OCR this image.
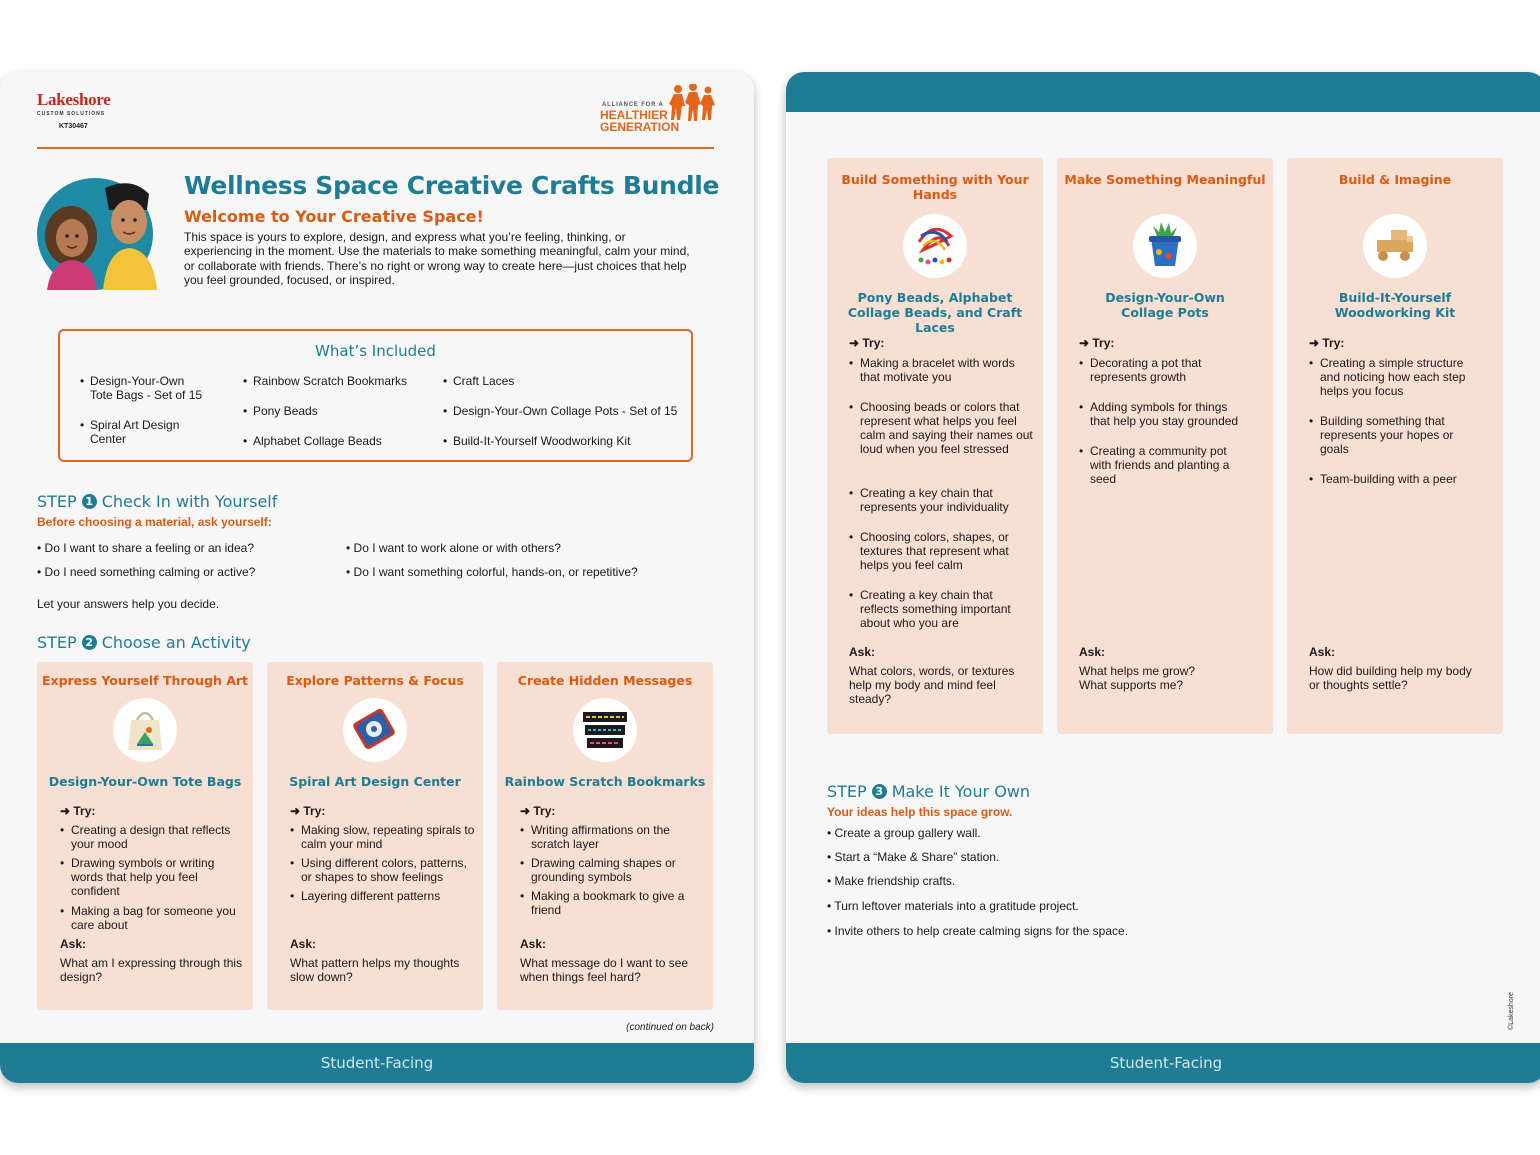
Lakeshore
CUSTOM SOLUTIONS
KT30467
ALLIANCE FOR A
HEALTHIER
GENERATION
Wellness Space Creative Crafts Bundle
Welcome to Your Creative Space!
This space is yours to explore, design, and express what you’re feeling, thinking, or experiencing in the moment. Use the materials to make something meaningful, calm your mind, or collaborate with friends. There’s no right or wrong way to create here—just choices that help you feel grounded, focused, or inspired.
What’s Included
• Design-Your-Own Tote Bags - Set of 15
• Spiral Art Design Center
• Rainbow Scratch Bookmarks
• Pony Beads
• Alphabet Collage Beads
• Craft Laces
• Design-Your-Own Collage Pots - Set of 15
• Build-It-Yourself Woodworking Kit
STEP 1 Check In with Yourself
Before choosing a material, ask yourself:
• Do I want to share a feeling or an idea?
• Do I need something calming or active?
• Do I want to work alone or with others?
• Do I want something colorful, hands-on, or repetitive?
Let your answers help you decide.
STEP 2 Choose an Activity
Express Yourself Through Art
Design-Your-Own Tote Bags
➜ Try:
• Creating a design that reflects your mood
• Drawing symbols or writing words that help you feel confident
• Making a bag for someone you care about
Ask:
What am I expressing through this design?
Explore Patterns & Focus
Spiral Art Design Center
➜ Try:
• Making slow, repeating spirals to calm your mind
• Using different colors, patterns, or shapes to show feelings
• Layering different patterns
Ask:
What pattern helps my thoughts slow down?
Create Hidden Messages
Rainbow Scratch Bookmarks
➜ Try:
• Writing affirmations on the scratch layer
• Drawing calming shapes or grounding symbols
• Making a bookmark to give a friend
Ask:
What message do I want to see when things feel hard?
(continued on back)
Student-Facing
Build Something with Your Hands
Pony Beads, Alphabet Collage Beads, and Craft Laces
➜ Try:
• Making a bracelet with words that motivate you
• Choosing beads or colors that represent what helps you feel calm and saying their names out loud when you feel stressed
• Creating a key chain that represents your individuality
• Choosing colors, shapes, or textures that represent what helps you feel calm
• Creating a key chain that reflects something important about who you are
Ask:
What colors, words, or textures help my body and mind feel steady?
Make Something Meaningful
Design-Your-Own Collage Pots
➜ Try:
• Decorating a pot that represents growth
• Adding symbols for things that help you stay grounded
• Creating a community pot with friends and planting a seed
Ask:
What helps me grow? What supports me?
Build & Imagine
Build-It-Yourself Woodworking Kit
➜ Try:
• Creating a simple structure and noticing how each step helps you focus
• Building something that represents your hopes or goals
• Team-building with a peer
Ask:
How did building help my body or thoughts settle?
STEP 3 Make It Your Own
Your ideas help this space grow.
• Create a group gallery wall.
• Start a “Make & Share” station.
• Make friendship crafts.
• Turn leftover materials into a gratitude project.
• Invite others to help create calming signs for the space.
©Lakeshore
Student-Facing
